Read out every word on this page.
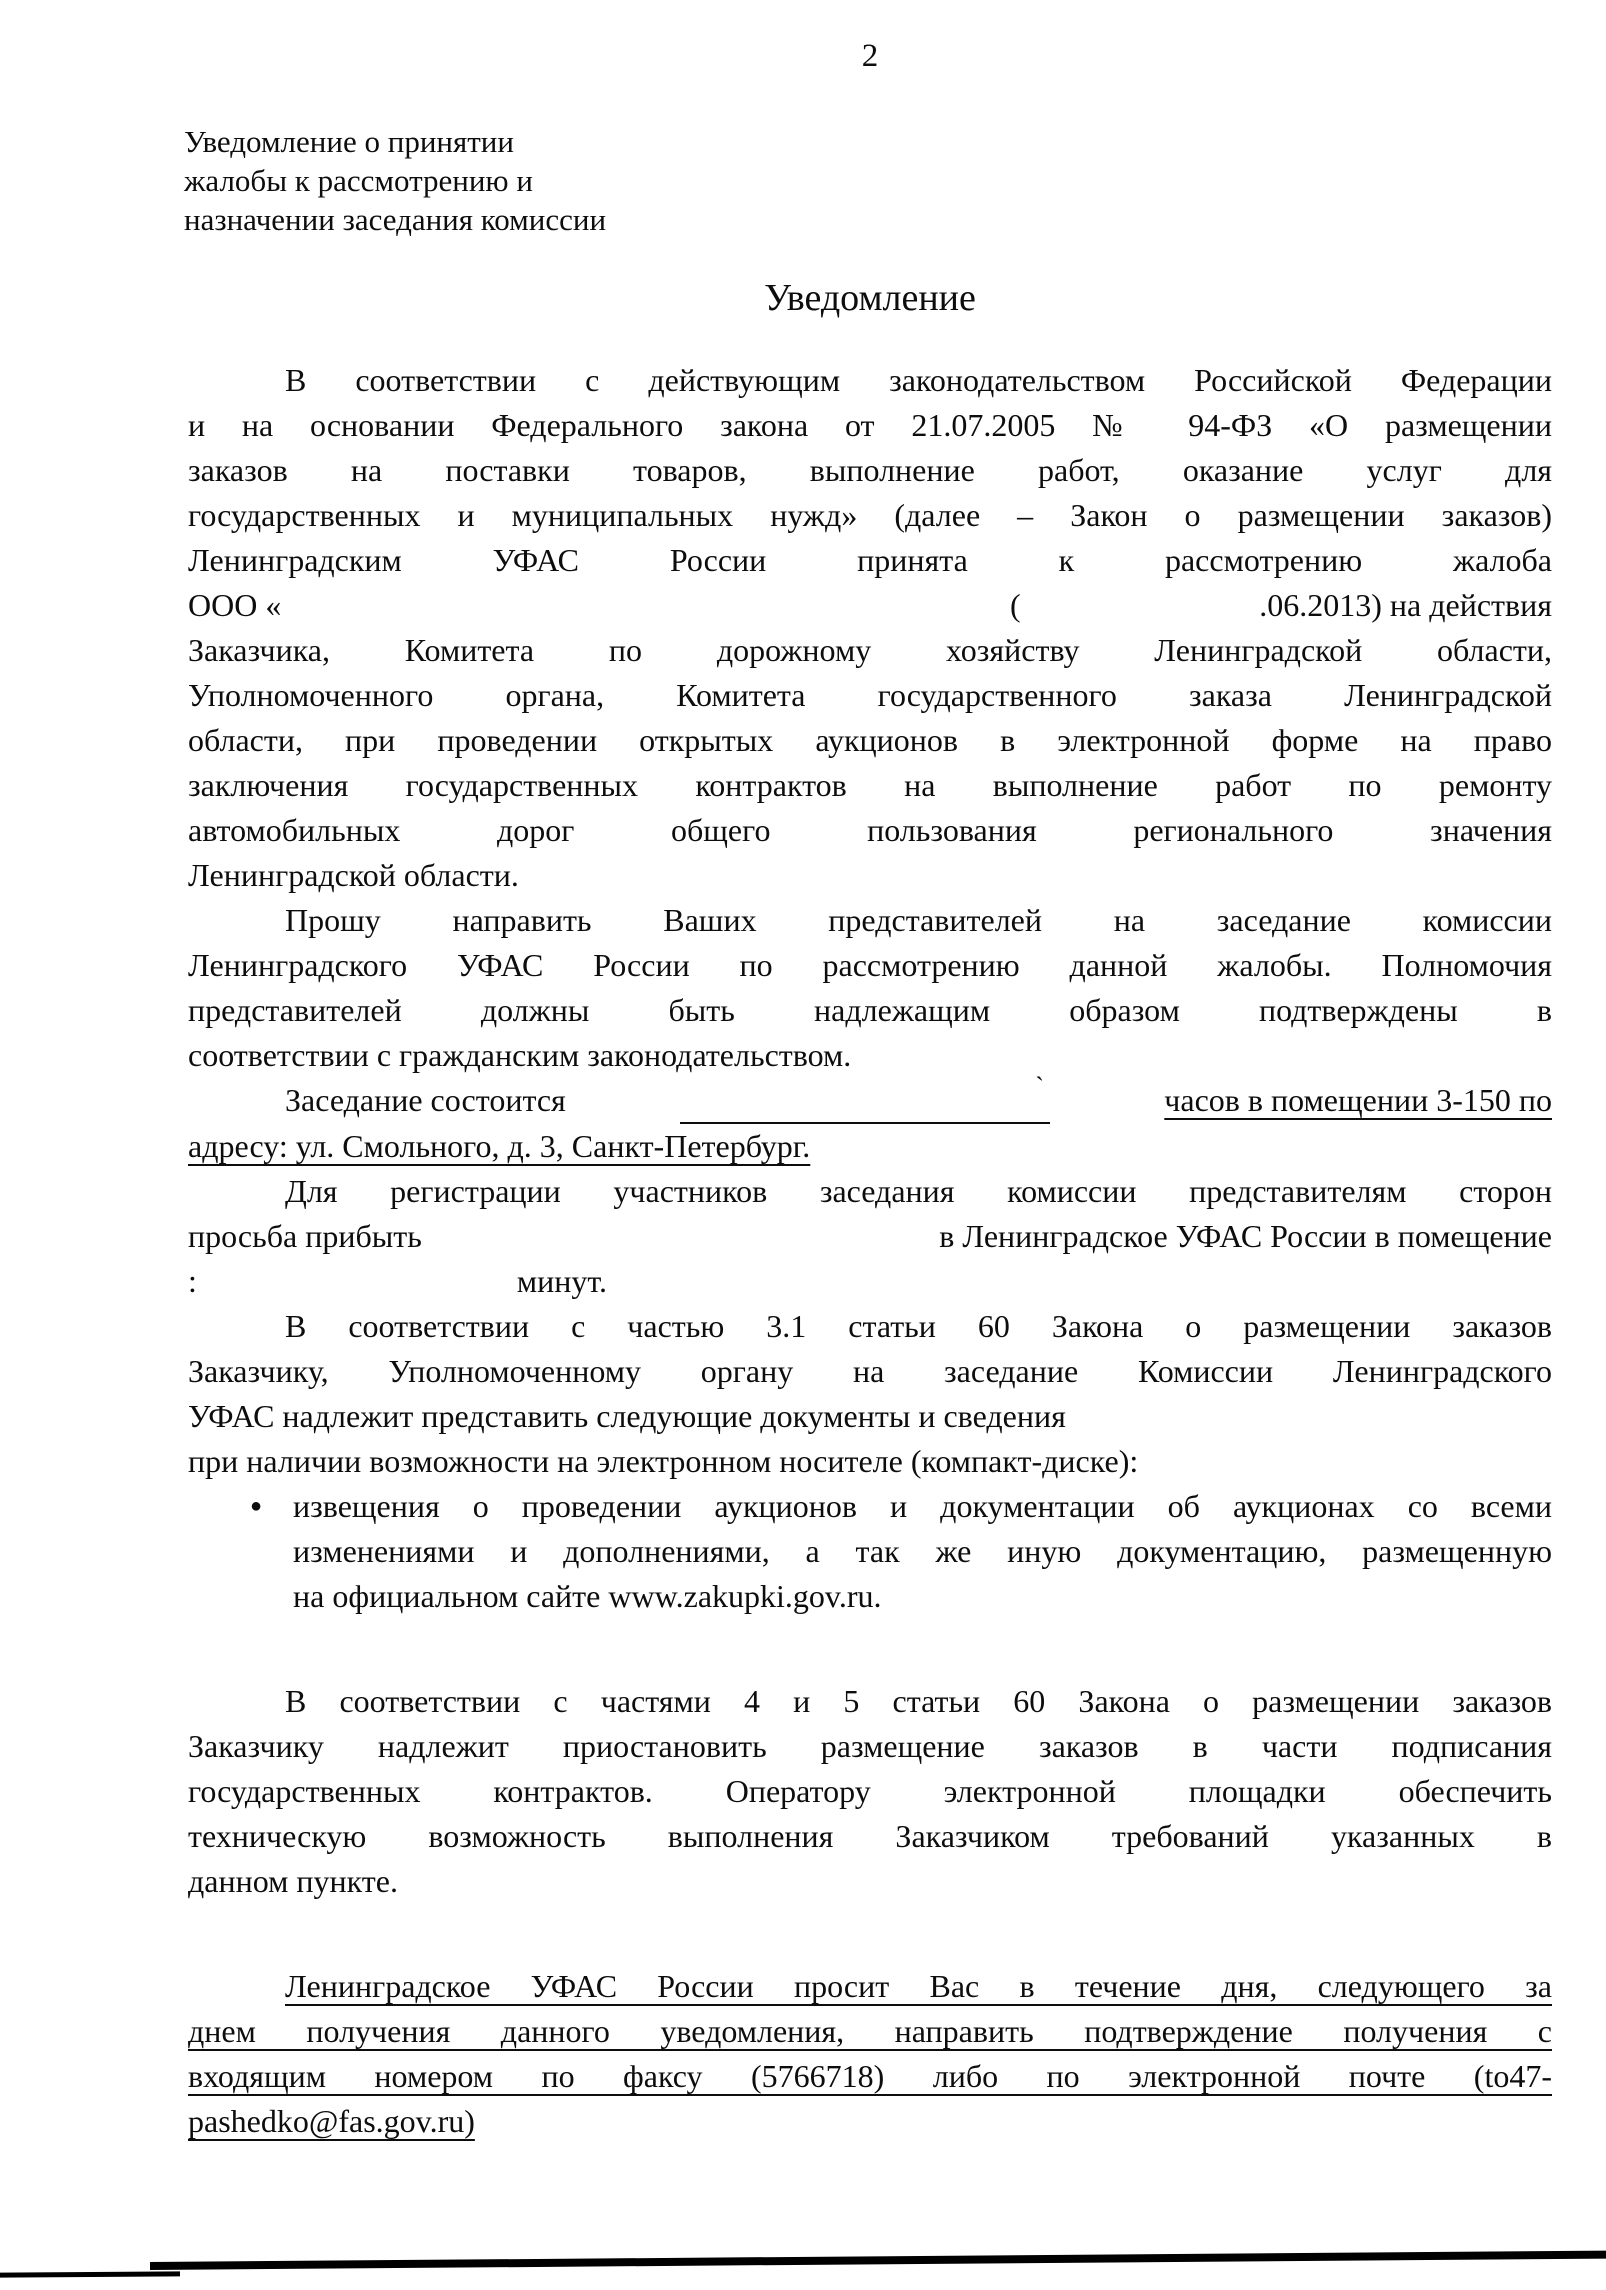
2
Уведомление о принятии
жалобы к рассмотрению и
назначении заседания комиссии
Уведомление
В соответствии с действующим законодательством Российской Федерации
и на основании Федерального закона от 21.07.2005 № 94-ФЗ «О размещении
заказов на поставки товаров, выполнение работ, оказание услуг для
государственных и муниципальных нужд» (далее – Закон о размещении заказов)
Ленинградским УФАС России принята к рассмотрению жалоба
ООО «	(	.06.2013) на действия
Заказчика, Комитета по дорожному хозяйству Ленинградской области,
Уполномоченного органа, Комитета государственного заказа Ленинградской
области, при проведении открытых аукционов в электронной форме на право
заключения государственных контрактов на выполнение работ по ремонту
автомобильных дорог общего пользования регионального значения
Ленинградской области.
Прошу направить Ваших представителей на заседание комиссии
Ленинградского УФАС России по рассмотрению данной жалобы. Полномочия
представителей должны быть надлежащим образом подтверждены в
соответствии с гражданским законодательством.
Заседание состоится	ˋ	часов в помещении 3-150 по
адресу: ул. Смольного, д. 3, Санкт-Петербург.
Для регистрации участников заседания комиссии представителям сторон
просьба прибыть	в Ленинградское УФАС России в помещение
:	минут.
В соответствии с частью 3.1 статьи 60 Закона о размещении заказов
Заказчику, Уполномоченному органу на заседание Комиссии Ленинградского
УФАС надлежит представить следующие документы и сведения
при наличии возможности на электронном носителе (компакт-диске):
● извещения о проведении аукционов и документации об аукционах со всеми
изменениями и дополнениями, а так же иную документацию, размещенную
на официальном сайте www.zakupki.gov.ru.
В соответствии с частями 4 и 5 статьи 60 Закона о размещении заказов
Заказчику надлежит приостановить размещение заказов в части подписания
государственных контрактов. Оператору электронной площадки обеспечить
техническую возможность выполнения Заказчиком требований указанных в
данном пункте.
Ленинградское УФАС России просит Вас в течение дня, следующего за
днем получения данного уведомления, направить подтверждение получения с
входящим номером по факсу (5766718) либо по электронной почте (to47-
pashedko@fas.gov.ru)
